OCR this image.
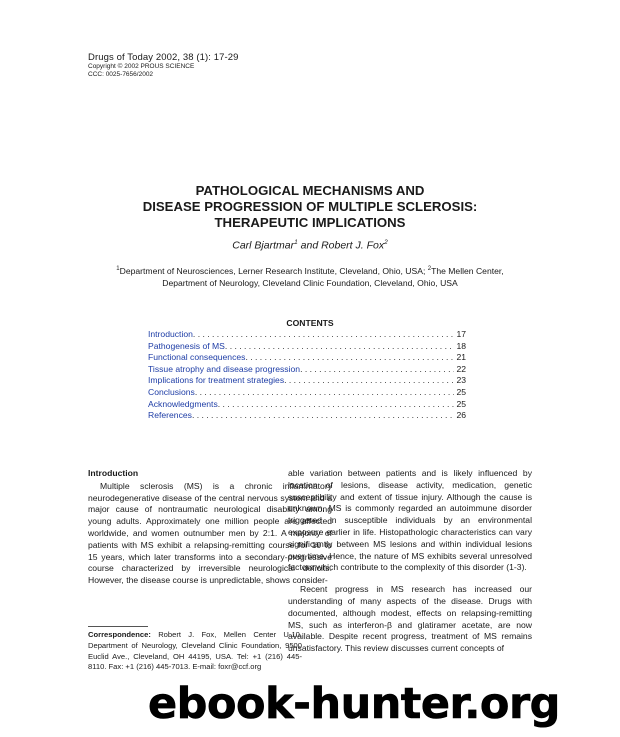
Drugs of Today 2002, 38 (1): 17-29
Copyright © 2002 PROUS SCIENCE
CCC: 0025-7656/2002
PATHOLOGICAL MECHANISMS AND
DISEASE PROGRESSION OF MULTIPLE SCLEROSIS:
THERAPEUTIC IMPLICATIONS
Carl Bjartmar$^1$ and Robert J. Fox$^2$
$^1$Department of Neurosciences, Lerner Research Institute, Cleveland, Ohio, USA; $^2$The Mellen Center,
Department of Neurology, Cleveland Clinic Foundation, Cleveland, Ohio, USA
CONTENTS
Introduction . . .	17
Pathogenesis of MS . . .	18
Functional consequences . . .	21
Tissue atrophy and disease progression . . .	22
Implications for treatment strategies . . .	23
Conclusions . . .	25
Acknowledgments . . .	25
References . . .	26
Introduction

Multiple sclerosis (MS) is a chronic inflammatory neurodegenerative disease of the central nervous system and a major cause of nontraumatic neurological disability among young adults. Approximately one million people are affected worldwide, and women outnumber men by 2:1. A majority of patients with MS exhibit a relapsing-remitting course for 10 to 15 years, which later transforms into a secondary-progressive course characterized by irreversible neurological deficits. However, the disease course is unpredictable, shows consider-

able variation between patients and is likely influenced by location of lesions, disease activity, medication, genetic susceptibility and extent of tissue injury. Although the cause is unknown, MS is commonly regarded an autoimmune disorder triggered in susceptible individuals by an environmental exposure earlier in life. Histopathologic characteristics can vary significantly between MS lesions and within individual lesions over time. Hence, the nature of MS exhibits several unresolved factors which contribute to the complexity of this disorder (1-3).

Recent progress in MS research has increased our understanding of many aspects of the disease. Drugs with documented, although modest, effects on relapsing-remitting MS, such as interferon-β and glatiramer acetate, are now available. Despite recent progress, treatment of MS remains unsatisfactory. This review discusses current concepts of

Correspondence: Robert J. Fox, Mellen Center U-10, Department of Neurology, Cleveland Clinic Foundation, 9500 Euclid Ave., Cleveland, OH 44195, USA. Tel: +1 (216) 445-8110. Fax: +1 (216) 445-7013. E-mail: foxr@ccf.org
ebook-hunter.org
